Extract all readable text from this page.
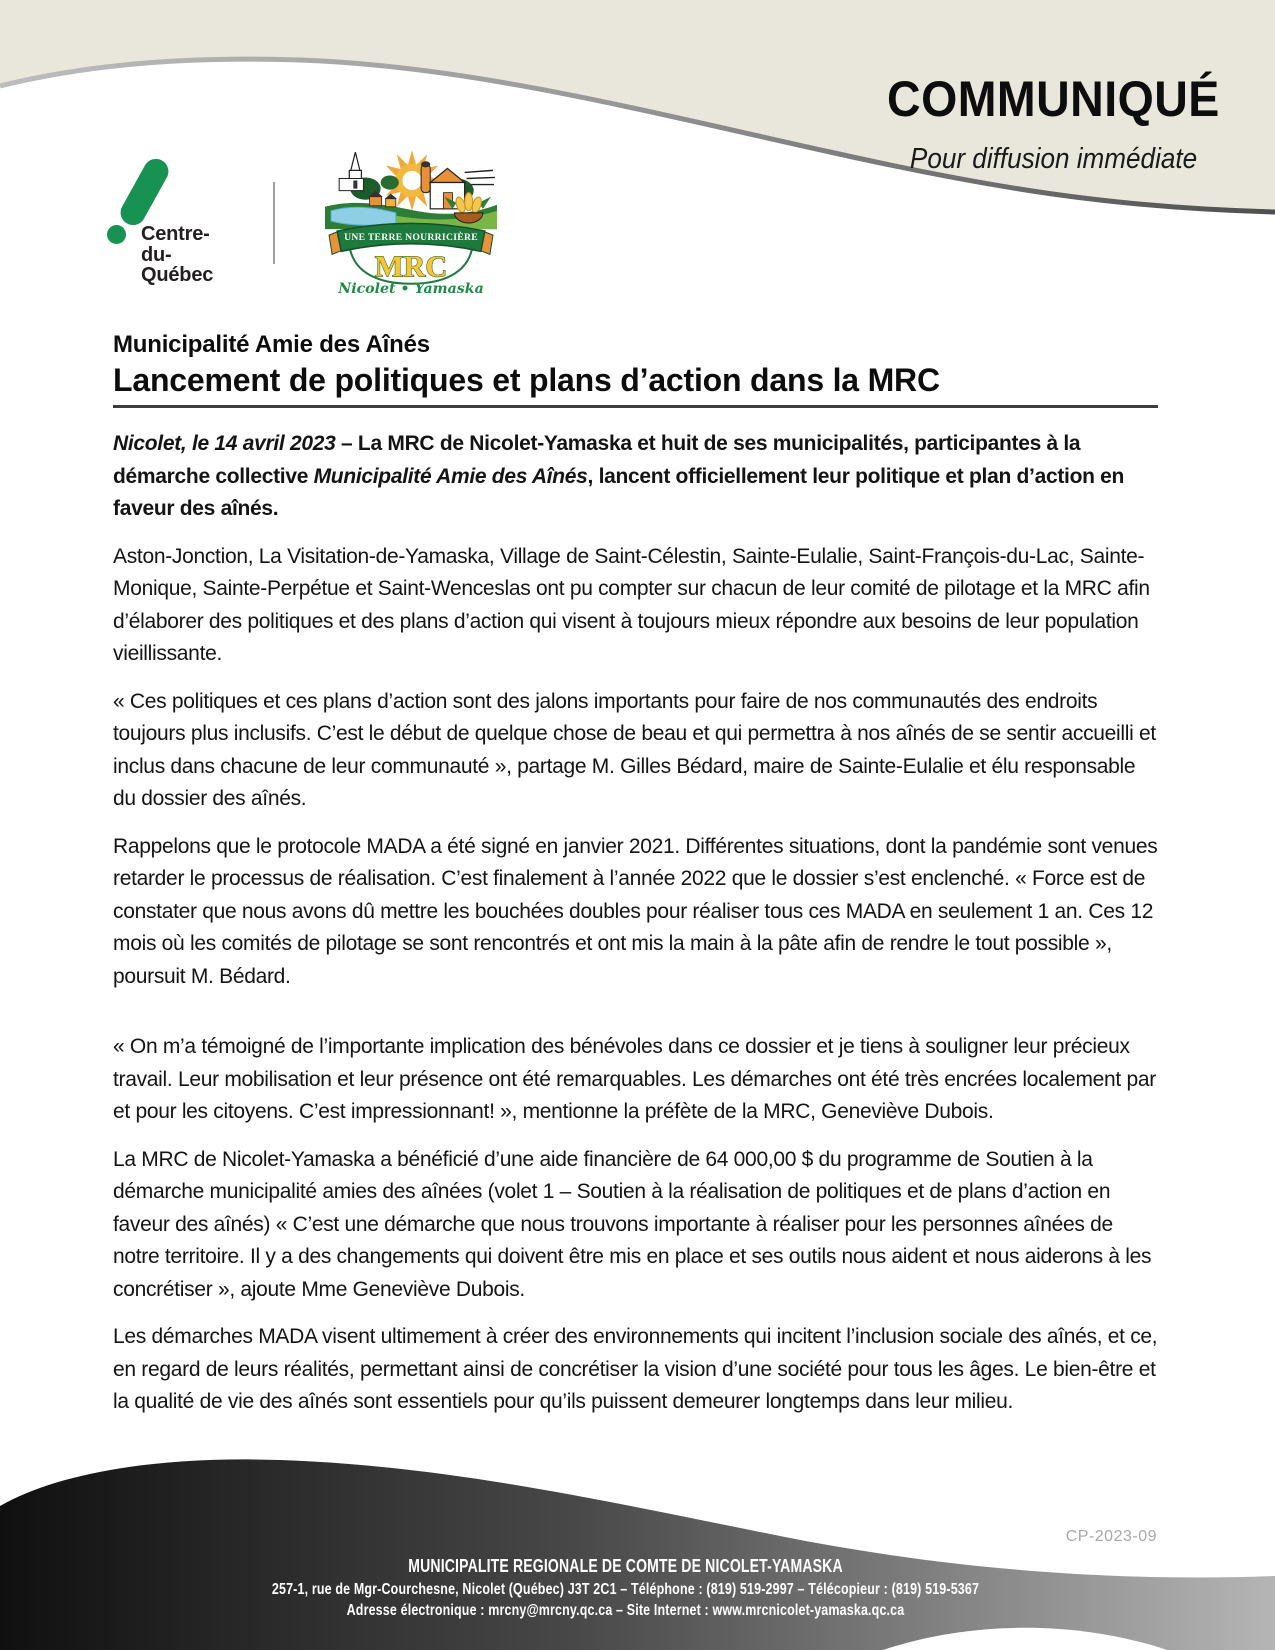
COMMUNIQUÉ
Pour diffusion immédiate
Centre-
du-
Québec
UNE TERRE NOURRICIÈRE
MRC
Nicolet • Yamaska
Municipalité Amie des Aînés
Lancement de politiques et plans d’action dans la MRC

Nicolet, le 14 avril 2023 – La MRC de Nicolet-Yamaska et huit de ses municipalités, participantes à la démarche collective Municipalité Amie des Aînés, lancent officiellement leur politique et plan d’action en faveur des aînés.

Aston-Jonction, La Visitation-de-Yamaska, Village de Saint-Célestin, Sainte-Eulalie, Saint-François-du-Lac, Sainte-Monique, Sainte-Perpétue et Saint-Wenceslas ont pu compter sur chacun de leur comité de pilotage et la MRC afin d’élaborer des politiques et des plans d’action qui visent à toujours mieux répondre aux besoins de leur population vieillissante.

« Ces politiques et ces plans d’action sont des jalons importants pour faire de nos communautés des endroits toujours plus inclusifs. C’est le début de quelque chose de beau et qui permettra à nos aînés de se sentir accueilli et inclus dans chacune de leur communauté », partage M. Gilles Bédard, maire de Sainte-Eulalie et élu responsable du dossier des aînés.

Rappelons que le protocole MADA a été signé en janvier 2021. Différentes situations, dont la pandémie sont venues retarder le processus de réalisation. C’est finalement à l’année 2022 que le dossier s’est enclenché. « Force est de constater que nous avons dû mettre les bouchées doubles pour réaliser tous ces MADA en seulement 1 an. Ces 12 mois où les comités de pilotage se sont rencontrés et ont mis la main à la pâte afin de rendre le tout possible », poursuit M. Bédard.

« On m’a témoigné de l’importante implication des bénévoles dans ce dossier et je tiens à souligner leur précieux travail. Leur mobilisation et leur présence ont été remarquables. Les démarches ont été très encrées localement par et pour les citoyens. C’est impressionnant! », mentionne la préfète de la MRC, Geneviève Dubois.

La MRC de Nicolet-Yamaska a bénéficié d’une aide financière de 64 000,00 $ du programme de Soutien à la démarche municipalité amies des aînées (volet 1 – Soutien à la réalisation de politiques et de plans d’action en faveur des aînés) « C’est une démarche que nous trouvons importante à réaliser pour les personnes aînées de notre territoire. Il y a des changements qui doivent être mis en place et ses outils nous aident et nous aiderons à les concrétiser », ajoute Mme Geneviève Dubois.

Les démarches MADA visent ultimement à créer des environnements qui incitent l’inclusion sociale des aînés, et ce, en regard de leurs réalités, permettant ainsi de concrétiser la vision d’une société pour tous les âges. Le bien-être et la qualité de vie des aînés sont essentiels pour qu’ils puissent demeurer longtemps dans leur milieu.

CP-2023-09
MUNICIPALITE REGIONALE DE COMTE DE NICOLET-YAMASKA
257-1, rue de Mgr-Courchesne, Nicolet (Québec) J3T 2C1 – Téléphone : (819) 519-2997 – Télécopieur : (819) 519-5367
Adresse électronique : mrcny@mrcny.qc.ca – Site Internet : www.mrcnicolet-yamaska.qc.ca
